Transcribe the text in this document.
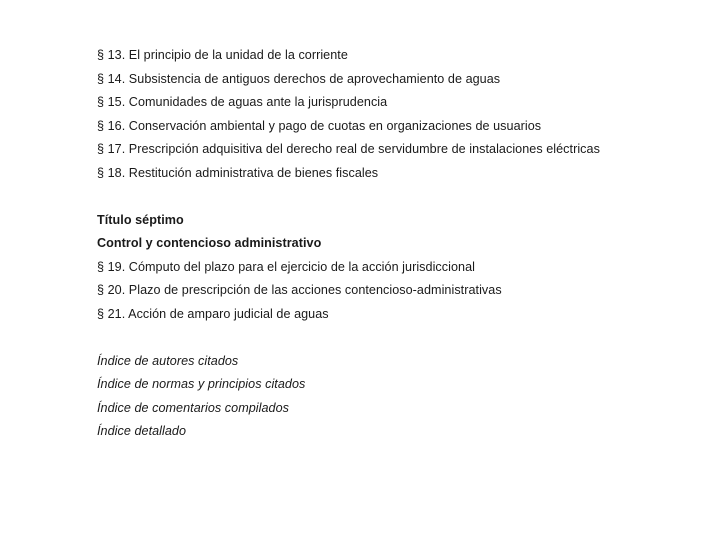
§ 13. El principio de la unidad de la corriente
§ 14. Subsistencia de antiguos derechos de aprovechamiento de aguas
§ 15. Comunidades de aguas ante la jurisprudencia
§ 16. Conservación ambiental y pago de cuotas en organizaciones de usuarios
§ 17. Prescripción adquisitiva del derecho real de servidumbre de instalaciones eléctricas
§ 18. Restitución administrativa de bienes fiscales
Título séptimo
Control y contencioso administrativo
§ 19. Cómputo del plazo para el ejercicio de la acción jurisdiccional
§ 20. Plazo de prescripción de las acciones contencioso-administrativas
§ 21. Acción de amparo judicial de aguas
Índice de autores citados
Índice de normas y principios citados
Índice de comentarios compilados
Índice detallado
